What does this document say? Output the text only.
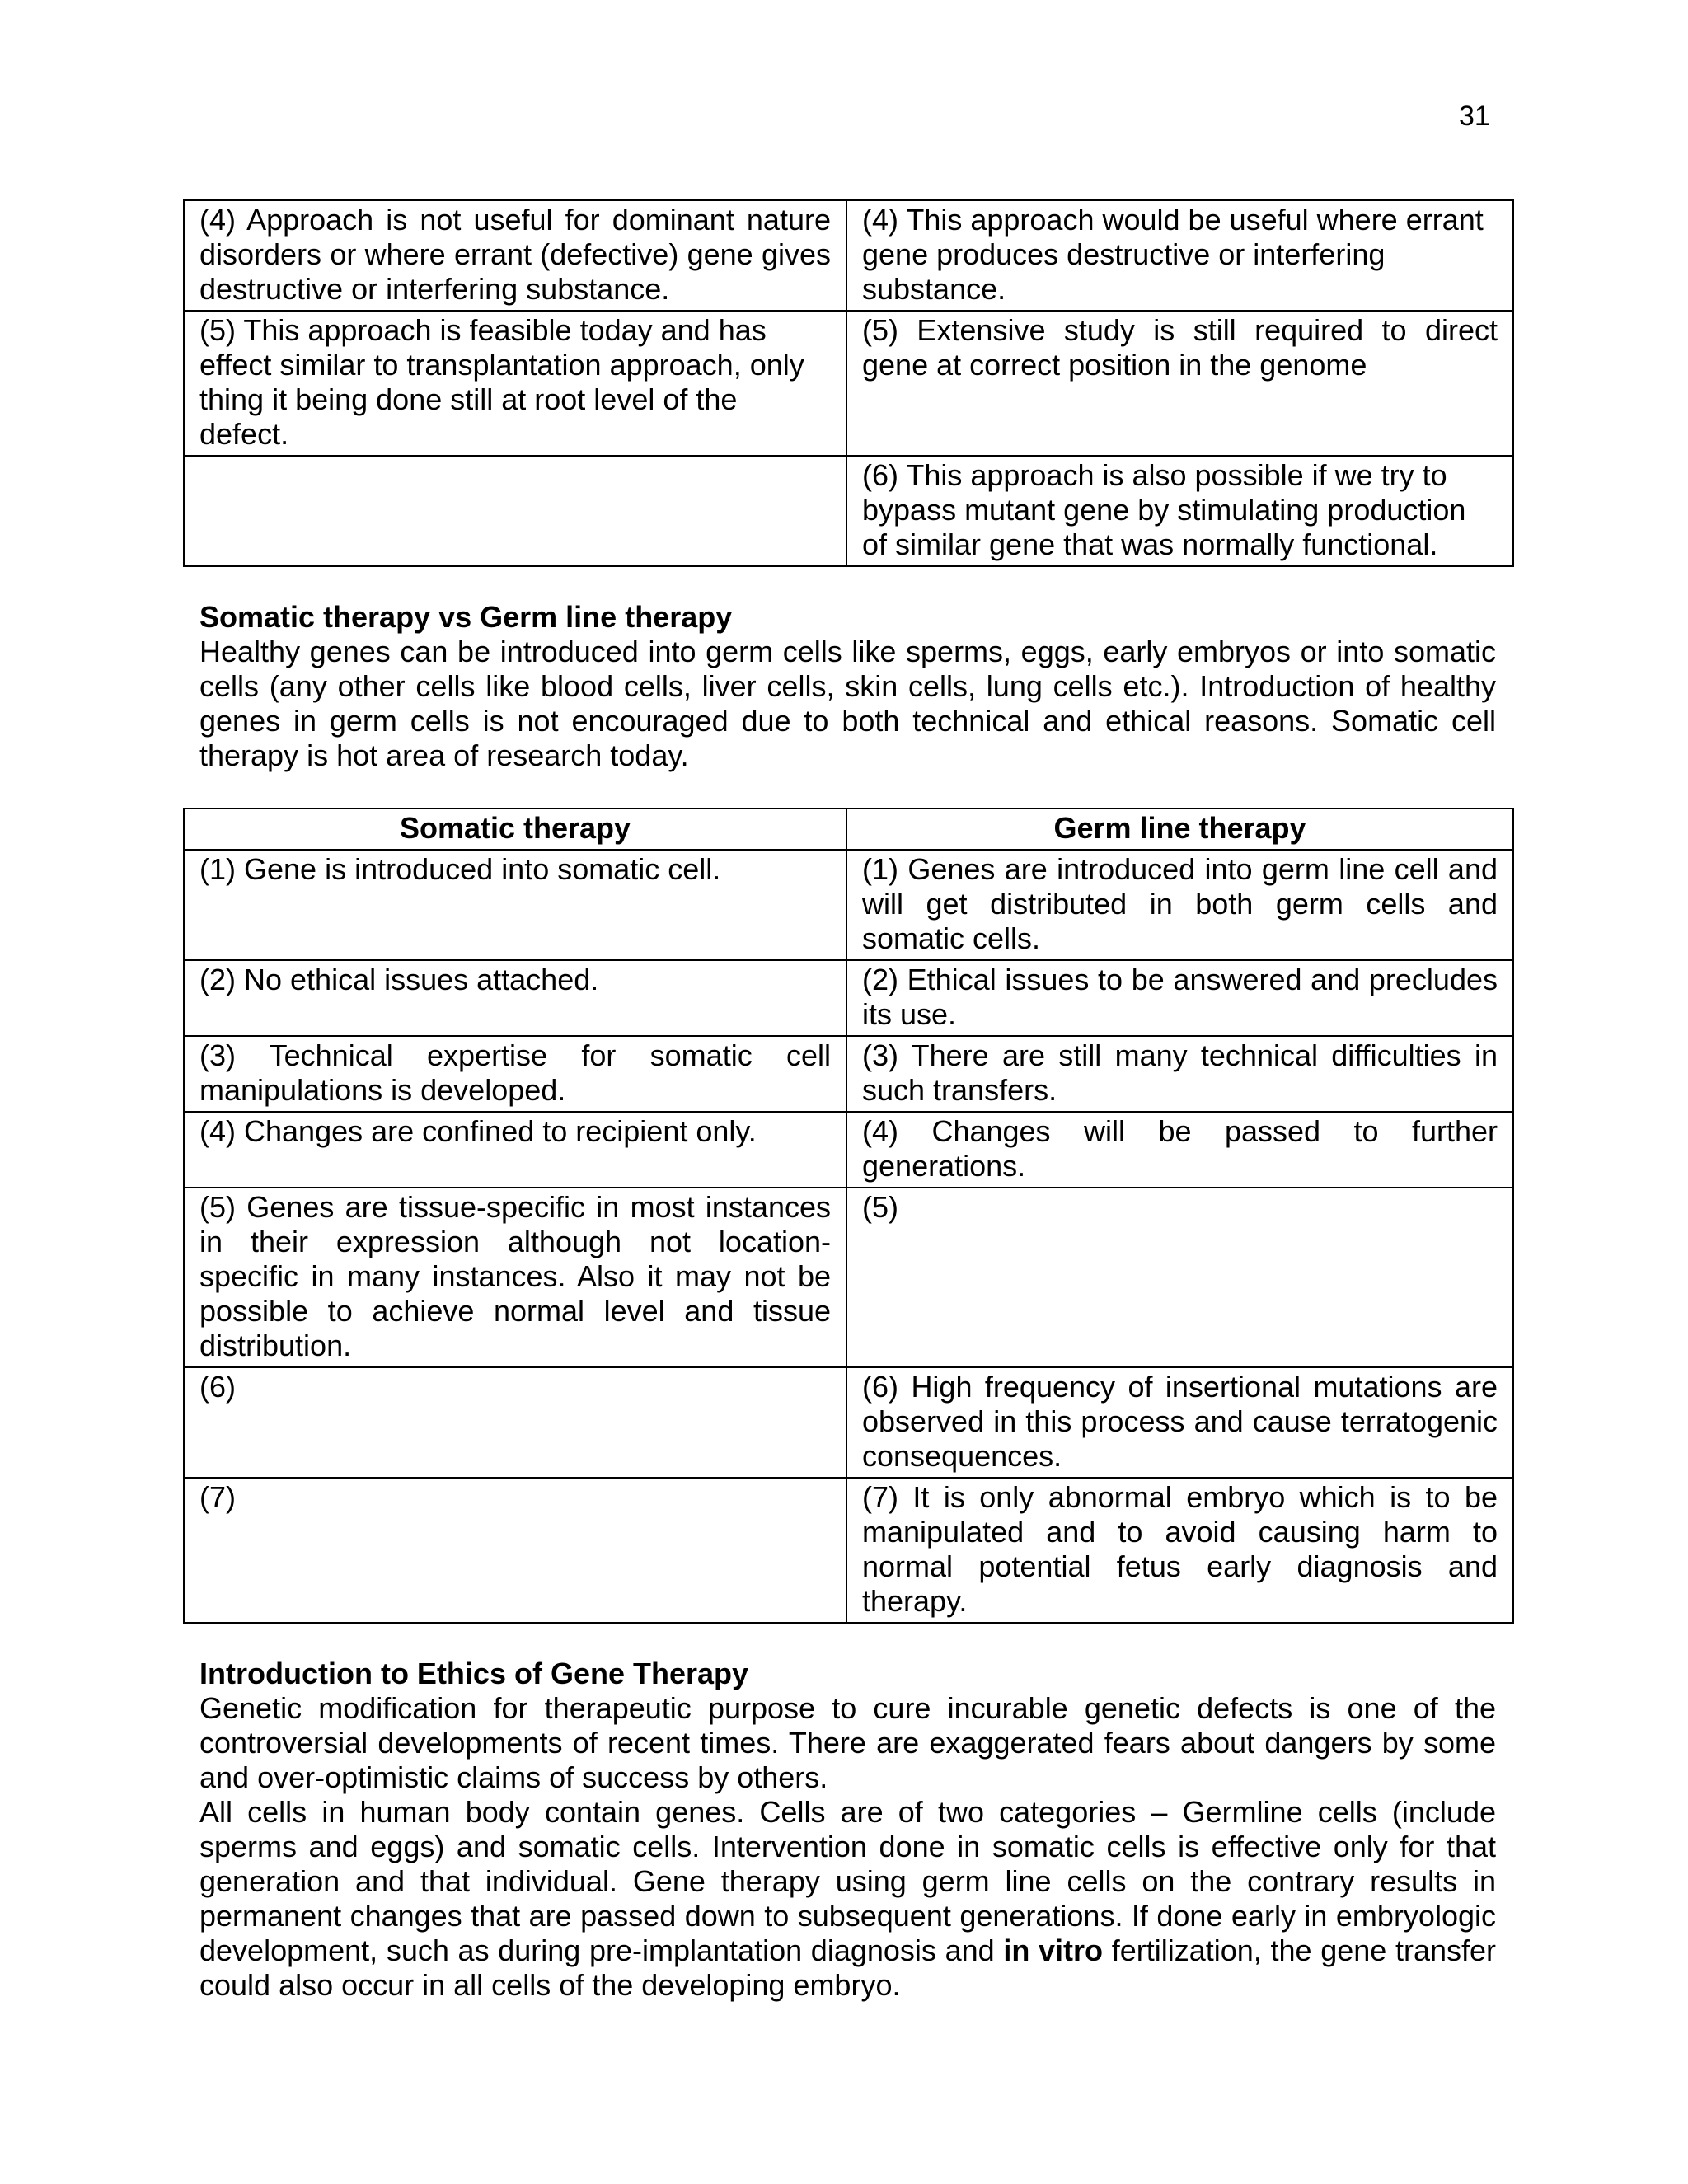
31
(4) Approach is not useful for dominant nature disorders or where errant (defective) gene gives destructive or interfering substance.	(4) This approach would be useful where errant gene produces destructive or interfering substance.
(5) This approach is feasible today and has effect similar to transplantation approach, only thing it being done still at root level of the defect.	(5) Extensive study is still required to direct gene at correct position in the genome
	(6) This approach is also possible if we try to bypass mutant gene by stimulating production of similar gene that was normally functional.
Somatic therapy vs Germ line therapy
Healthy genes can be introduced into germ cells like sperms, eggs, early embryos or into somatic cells (any other cells like blood cells, liver cells, skin cells, lung cells etc.). Introduction of healthy genes in germ cells is not encouraged due to both technical and ethical reasons. Somatic cell therapy is hot area of research today.
Somatic therapy	Germ line therapy
(1) Gene is introduced into somatic cell.	(1) Genes are introduced into germ line cell and will get distributed in both germ cells and somatic cells.
(2) No ethical issues attached.	(2) Ethical issues to be answered and precludes its use.
(3) Technical expertise for somatic cell manipulations is developed.	(3) There are still many technical difficulties in such transfers.
(4) Changes are confined to recipient only.	(4) Changes will be passed to further generations.
(5) Genes are tissue-specific in most instances in their expression although not location-specific in many instances. Also it may not be possible to achieve normal level and tissue distribution.	(5)
(6)	(6) High frequency of insertional mutations are observed in this process and cause terratogenic consequences.
(7)	(7) It is only abnormal embryo which is to be manipulated and to avoid causing harm to normal potential fetus early diagnosis and therapy.
Introduction to Ethics of Gene Therapy
Genetic modification for therapeutic purpose to cure incurable genetic defects is one of the controversial developments of recent times. There are exaggerated fears about dangers by some and over-optimistic claims of success by others.
All cells in human body contain genes. Cells are of two categories – Germline cells (include sperms and eggs) and somatic cells. Intervention done in somatic cells is effective only for that generation and that individual. Gene therapy using germ line cells on the contrary results in permanent changes that are passed down to subsequent generations. If done early in embryologic development, such as during pre-implantation diagnosis and in vitro fertilization, the gene transfer could also occur in all cells of the developing embryo.
